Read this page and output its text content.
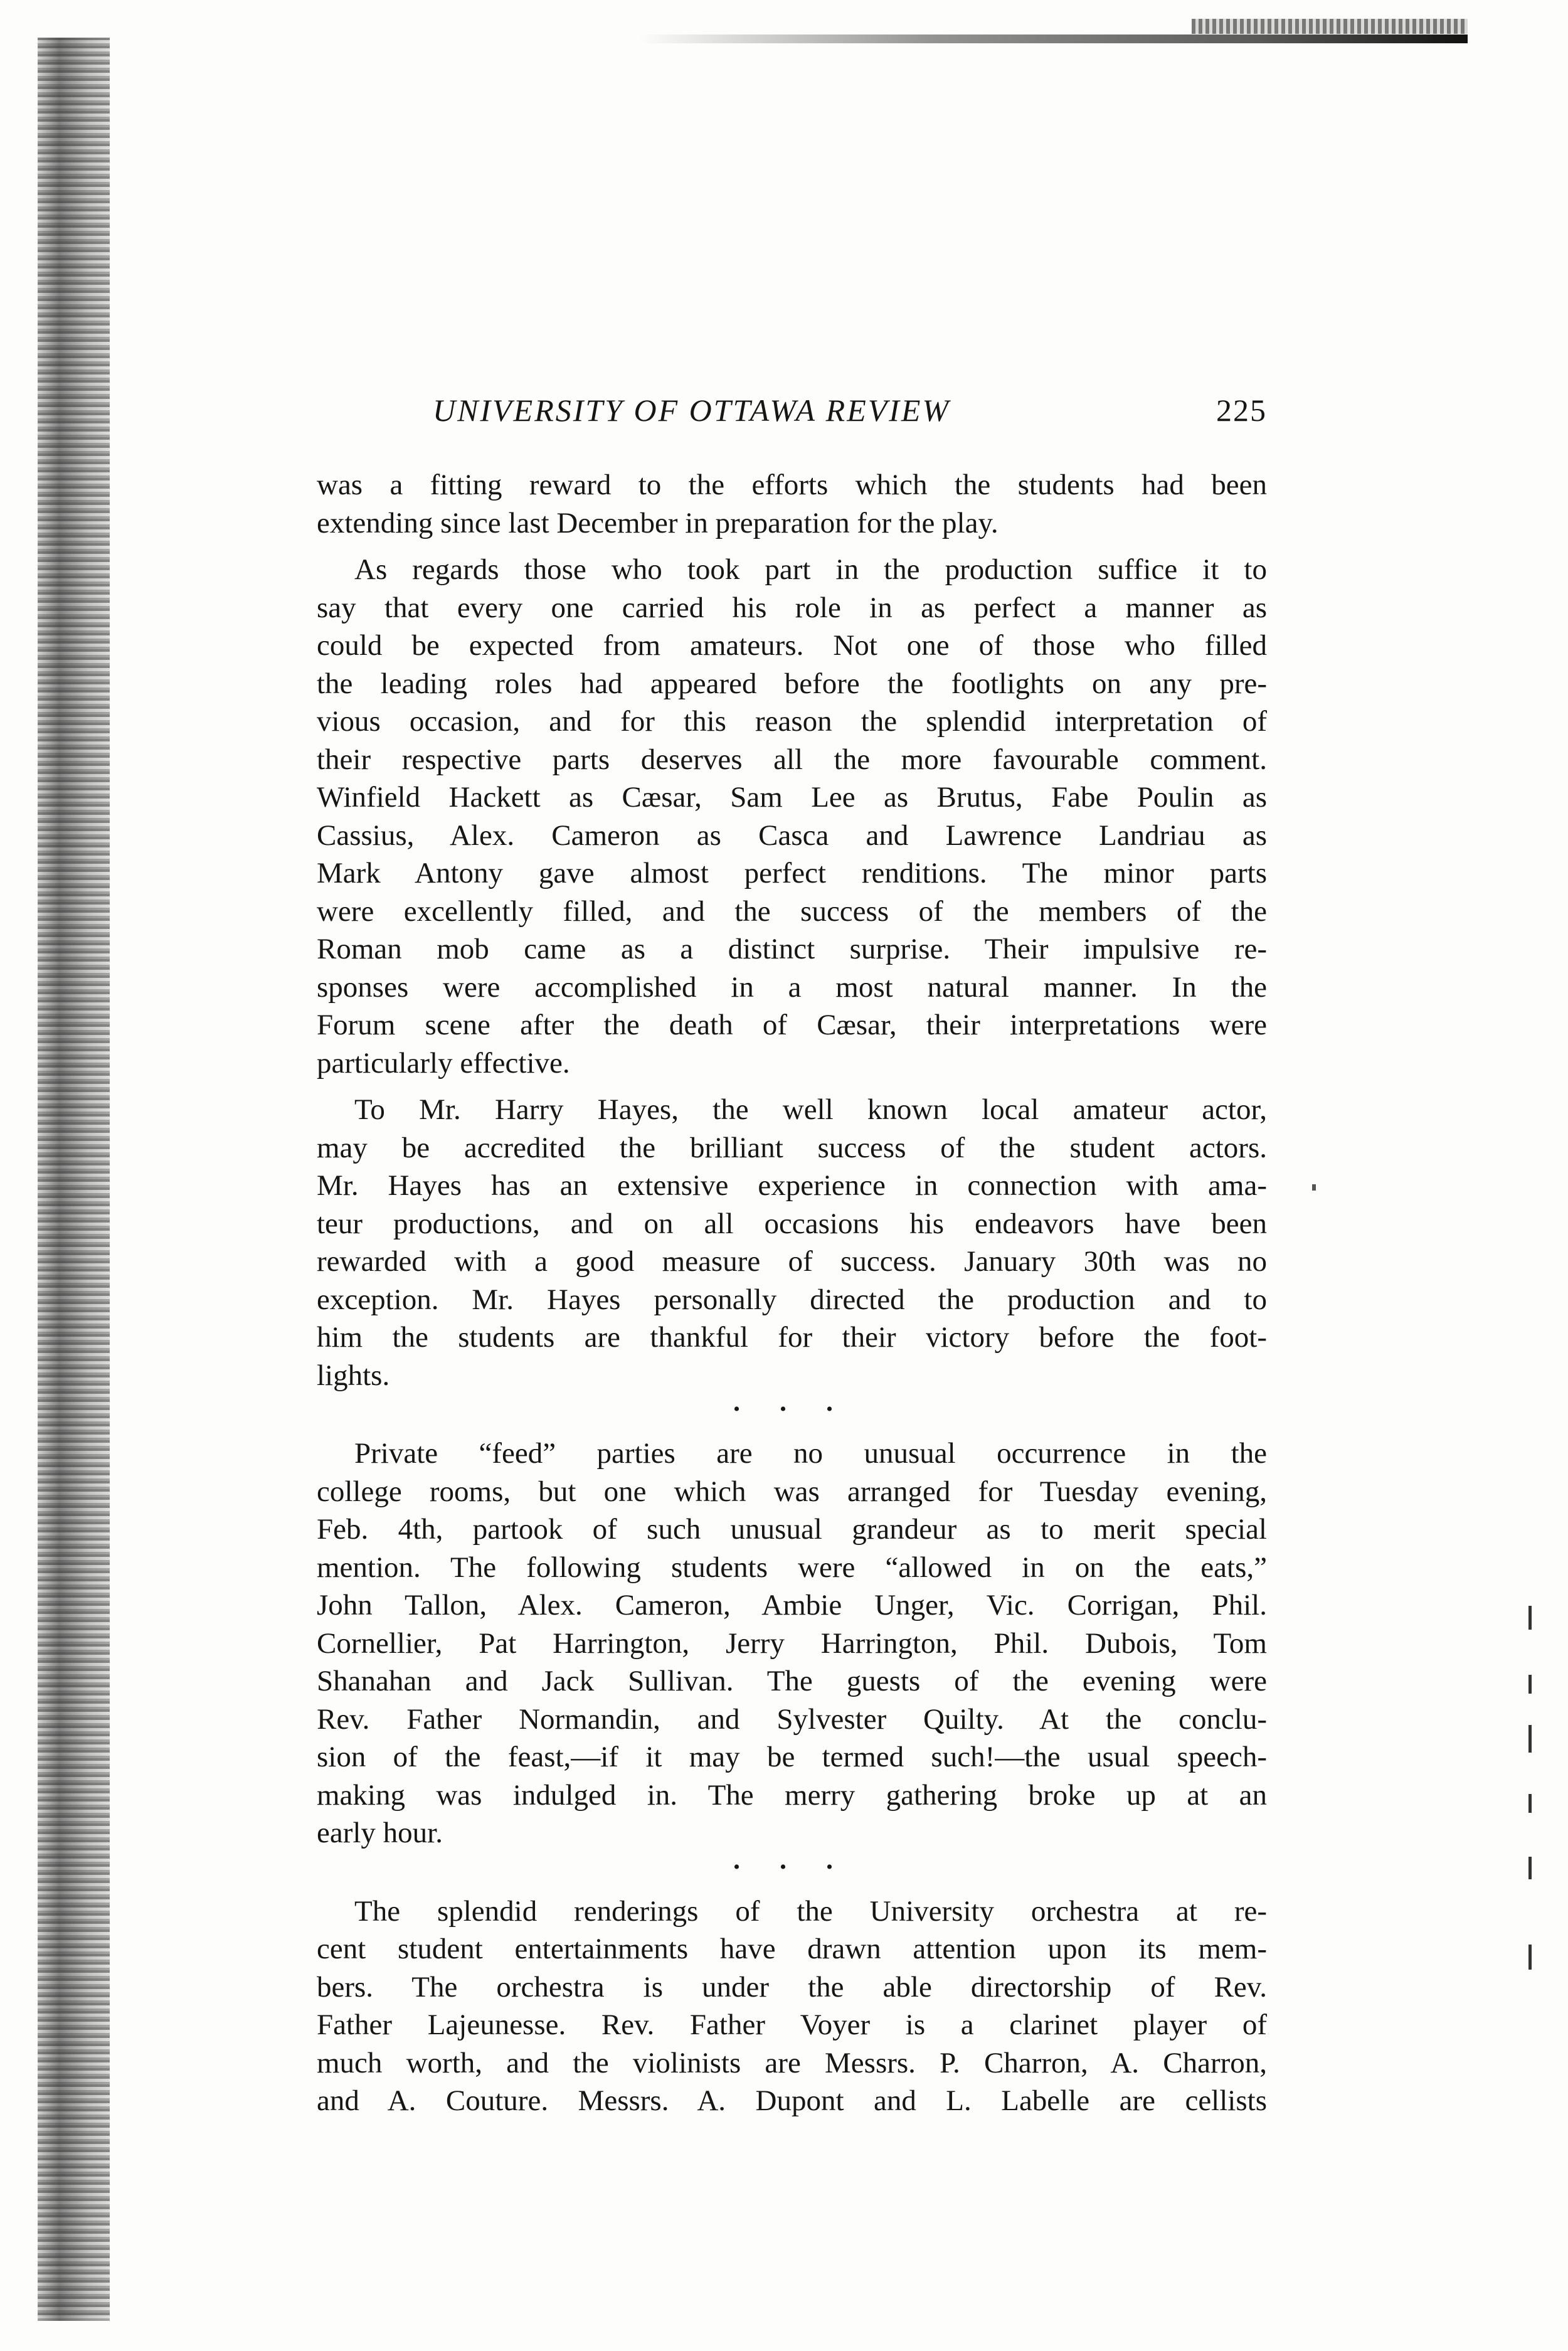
UNIVERSITY OF OTTAWA REVIEW	225
was a fitting reward to the efforts which the students had been
extending since last December in preparation for the play.
As regards those who took part in the production suffice it to
say that every one carried his role in as perfect a manner as
could be expected from amateurs. Not one of those who filled
the leading roles had appeared before the footlights on any pre-
vious occasion, and for this reason the splendid interpretation of
their respective parts deserves all the more favourable comment.
Winfield Hackett as Cæsar, Sam Lee as Brutus, Fabe Poulin as
Cassius, Alex. Cameron as Casca and Lawrence Landriau as
Mark Antony gave almost perfect renditions. The minor parts
were excellently filled, and the success of the members of the
Roman mob came as a distinct surprise. Their impulsive re-
sponses were accomplished in a most natural manner. In the
Forum scene after the death of Cæsar, their interpretations were
particularly effective.
To Mr. Harry Hayes, the well known local amateur actor,
may be accredited the brilliant success of the student actors.
Mr. Hayes has an extensive experience in connection with ama-
teur productions, and on all occasions his endeavors have been
rewarded with a good measure of success. January 30th was no
exception. Mr. Hayes personally directed the production and to
him the students are thankful for their victory before the foot-
lights.
• • •
Private “feed” parties are no unusual occurrence in the
college rooms, but one which was arranged for Tuesday evening,
Feb. 4th, partook of such unusual grandeur as to merit special
mention. The following students were “allowed in on the eats,”
John Tallon, Alex. Cameron, Ambie Unger, Vic. Corrigan, Phil.
Cornellier, Pat Harrington, Jerry Harrington, Phil. Dubois, Tom
Shanahan and Jack Sullivan. The guests of the evening were
Rev. Father Normandin, and Sylvester Quilty. At the conclu-
sion of the feast,—if it may be termed such!—the usual speech-
making was indulged in. The merry gathering broke up at an
early hour.
• • •
The splendid renderings of the University orchestra at re-
cent student entertainments have drawn attention upon its mem-
bers. The orchestra is under the able directorship of Rev.
Father Lajeunesse. Rev. Father Voyer is a clarinet player of
much worth, and the violinists are Messrs. P. Charron, A. Charron,
and A. Couture. Messrs. A. Dupont and L. Labelle are cellists
